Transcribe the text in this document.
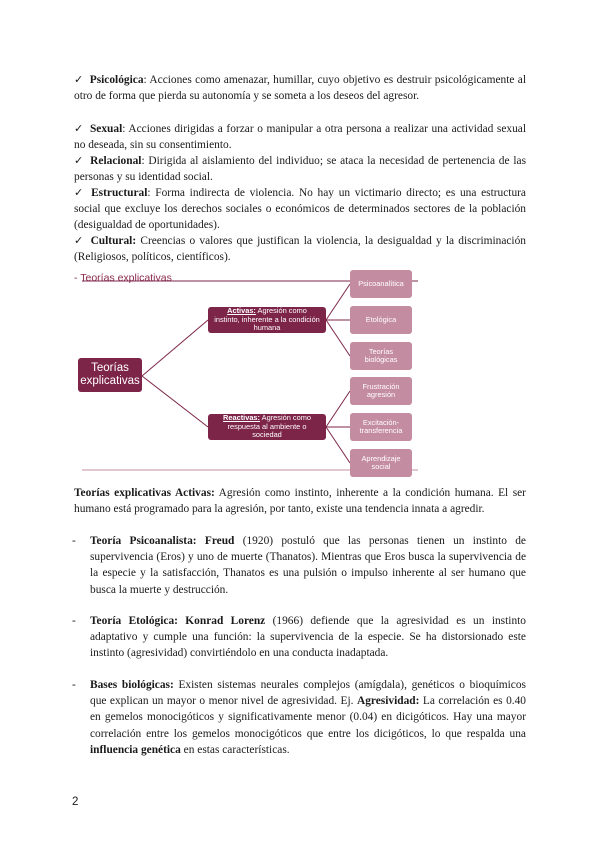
✓ Psicológica: Acciones como amenazar, humillar, cuyo objetivo es destruir psicológicamente al otro de forma que pierda su autonomía y se someta a los deseos del agresor.
✓ Sexual: Acciones dirigidas a forzar o manipular a otra persona a realizar una actividad sexual no deseada, sin su consentimiento.
✓ Relacional: Dirigida al aislamiento del individuo; se ataca la necesidad de pertenencia de las personas y su identidad social.
✓ Estructural: Forma indirecta de violencia. No hay un victimario directo; es una estructura social que excluye los derechos sociales o económicos de determinados sectores de la población (desigualdad de oportunidades).
✓ Cultural: Creencias o valores que justifican la violencia, la desigualdad y la discriminación (Religiosos, políticos, científicos).
- Teorías explicativas
Teorías explicativas
Activas: Agresión como instinto, inherente a la condición humana
Reactivas: Agresión como respuesta al ambiente o sociedad
Psicoanalítica
Etológica
Teorías biológicas
Frustración agresión
Excitación-transferencia
Aprendizaje social
Teorías explicativas Activas: Agresión como instinto, inherente a la condición humana. El ser humano está programado para la agresión, por tanto, existe una tendencia innata a agredir.
- Teoría Psicoanalista: Freud (1920) postuló que las personas tienen un instinto de supervivencia (Eros) y uno de muerte (Thanatos). Mientras que Eros busca la supervivencia de la especie y la satisfacción, Thanatos es una pulsión o impulso inherente al ser humano que busca la muerte y destrucción.
- Teoría Etológica: Konrad Lorenz (1966) defiende que la agresividad es un instinto adaptativo y cumple una función: la supervivencia de la especie. Se ha distorsionado este instinto (agresividad) convirtiéndolo en una conducta inadaptada.
- Bases biológicas: Existen sistemas neurales complejos (amígdala), genéticos o bioquímicos que explican un mayor o menor nivel de agresividad. Ej. Agresividad: La correlación es 0.40 en gemelos monocigóticos y significativamente menor (0.04) en dicigóticos. Hay una mayor correlación entre los gemelos monocigóticos que entre los dicigóticos, lo que respalda una influencia genética en estas características.
2
